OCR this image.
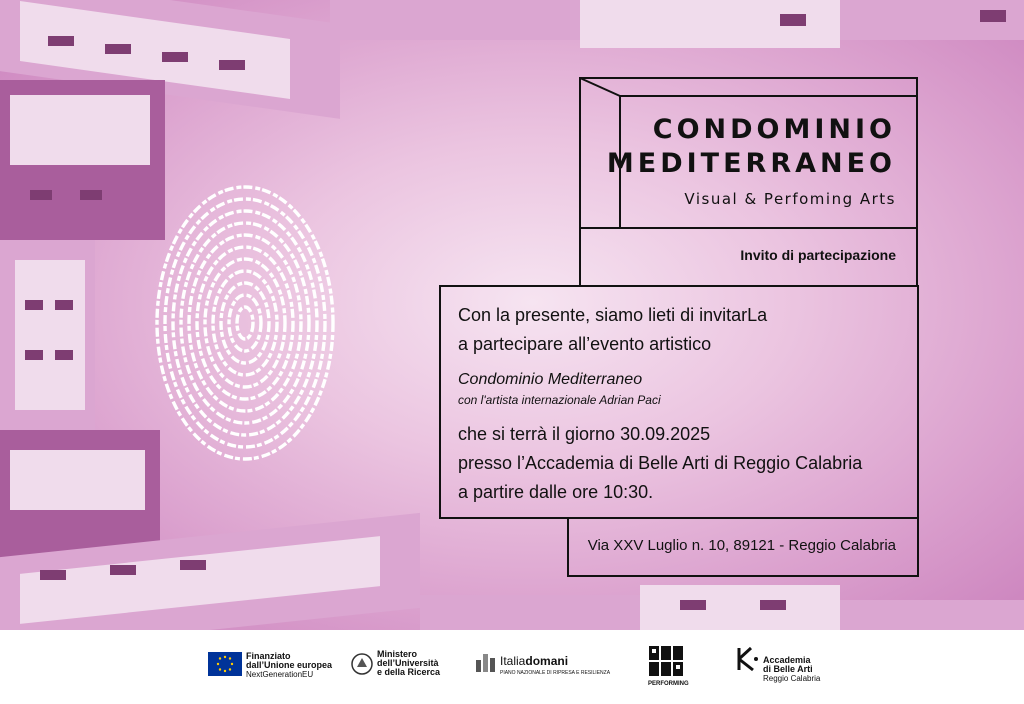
CONDOMINIO
MEDITERRANEO
Visual & Perfoming Arts
Invito di partecipazione
Con la presente, siamo lieti di invitarLa
a partecipare all’evento artistico
Condominio Mediterraneo
con l'artista internazionale Adrian Paci
che si terrà il giorno 30.09.2025
presso l’Accademia di Belle Arti di Reggio Calabria
a partire dalle ore 10:30.
Via XXV Luglio n. 10, 89121 - Reggio Calabria
Finanziato
dall’Unione europea
NextGenerationEU
Ministero
dell’Università
e della Ricerca
Italiadomani
PIANO NAZIONALE DI RIPRESA E RESILIENZA
PERFORMING
Accademia
di Belle Arti
Reggio Calabria
